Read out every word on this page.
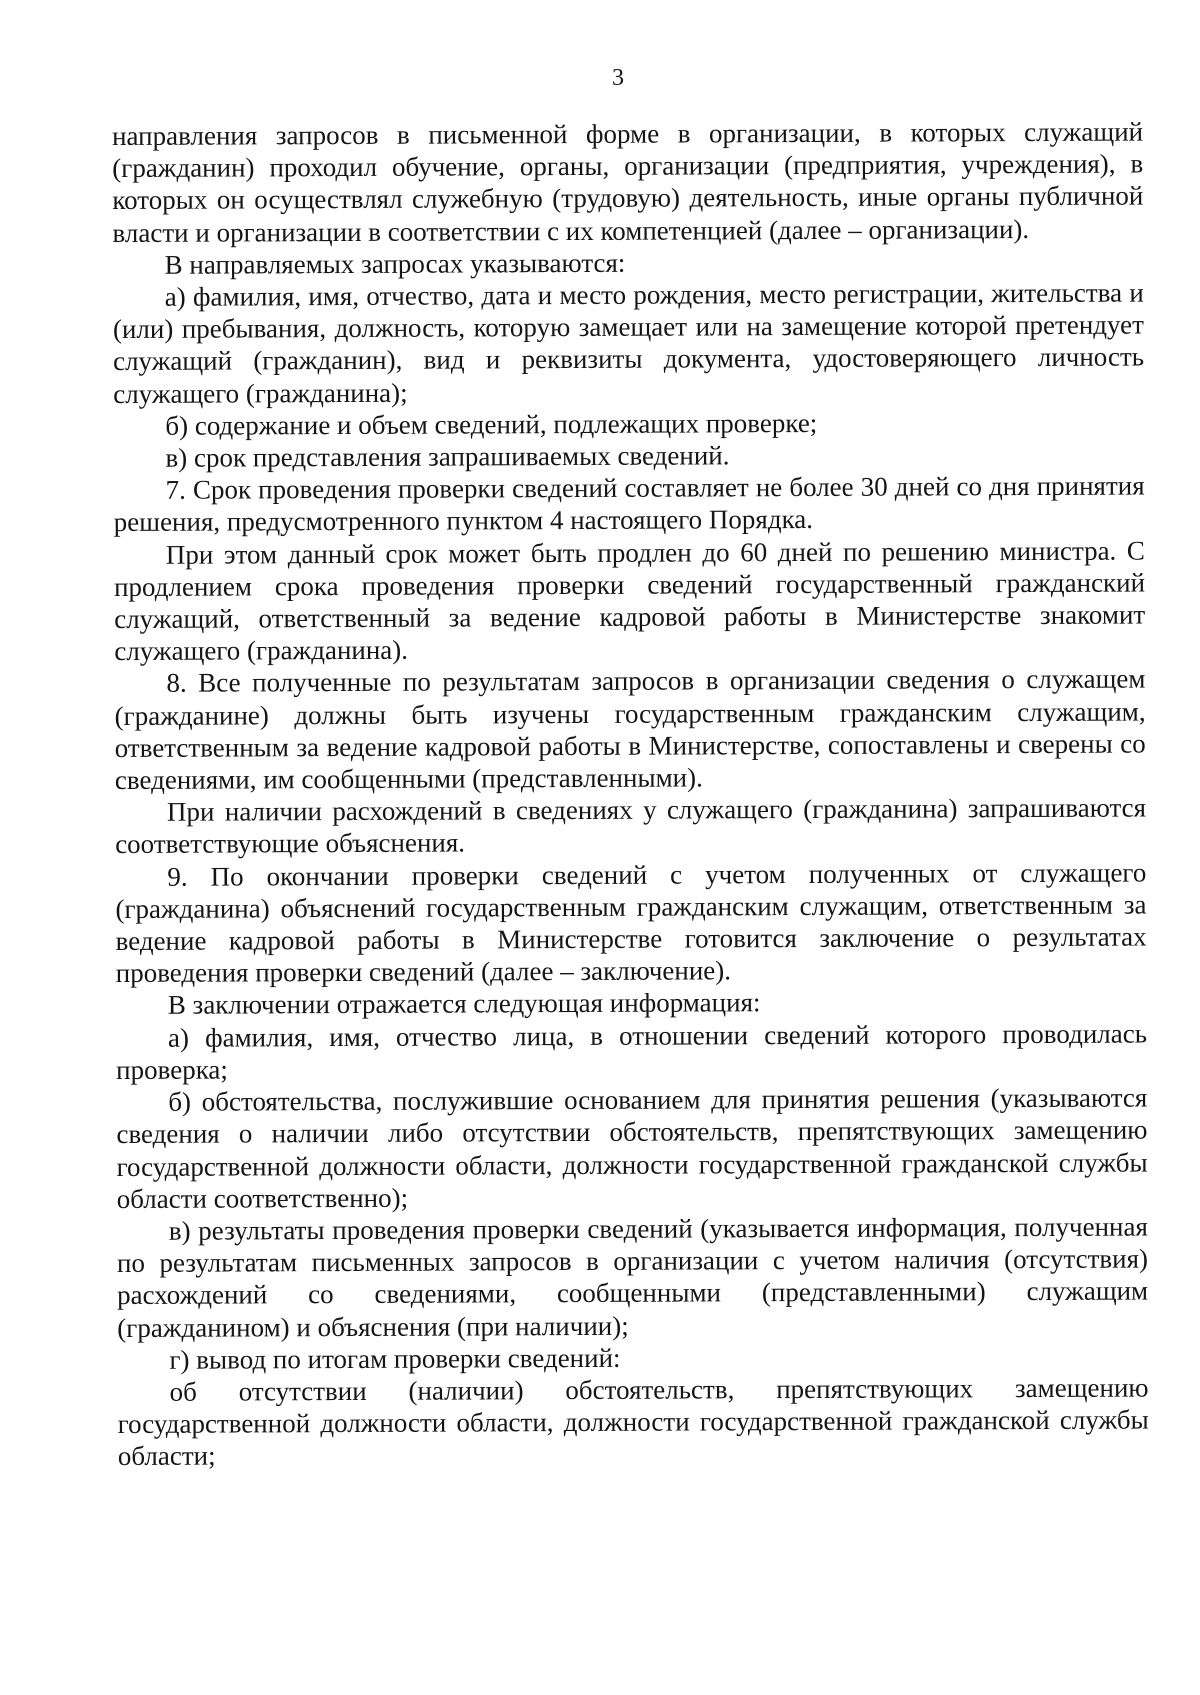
3

направления запросов в письменной форме в организации, в которых служащий (гражданин) проходил обучение, органы, организации (предприятия, учреждения), в которых он осуществлял служебную (трудовую) деятельность, иные органы публичной власти и организации в соответствии с их компетенцией (далее – организации).

В направляемых запросах указываются:

а) фамилия, имя, отчество, дата и место рождения, место регистрации, жительства и (или) пребывания, должность, которую замещает или на замещение которой претендует служащий (гражданин), вид и реквизиты документа, удостоверяющего личность служащего (гражданина);

б) содержание и объем сведений, подлежащих проверке;

в) срок представления запрашиваемых сведений.

7. Срок проведения проверки сведений составляет не более 30 дней со дня принятия решения, предусмотренного пунктом 4 настоящего Порядка.

При этом данный срок может быть продлен до 60 дней по решению министра. С продлением срока проведения проверки сведений государственный гражданский служащий, ответственный за ведение кадровой работы в Министерстве знакомит служащего (гражданина).

8. Все полученные по результатам запросов в организации сведения о служащем (гражданине) должны быть изучены государственным гражданским служащим, ответственным за ведение кадровой работы в Министерстве, сопоставлены и сверены со сведениями, им сообщенными (представленными).

При наличии расхождений в сведениях у служащего (гражданина) запрашиваются соответствующие объяснения.

9. По окончании проверки сведений с учетом полученных от служащего (гражданина) объяснений государственным гражданским служащим, ответственным за ведение кадровой работы в Министерстве готовится заключение о результатах проведения проверки сведений (далее – заключение).

В заключении отражается следующая информация:

а) фамилия, имя, отчество лица, в отношении сведений которого проводилась проверка;

б) обстоятельства, послужившие основанием для принятия решения (указываются сведения о наличии либо отсутствии обстоятельств, препятствующих замещению государственной должности области, должности государственной гражданской службы области соответственно);

в) результаты проведения проверки сведений (указывается информация, полученная по результатам письменных запросов в организации с учетом наличия (отсутствия) расхождений со сведениями, сообщенными (представленными) служащим (гражданином) и объяснения (при наличии);

г) вывод по итогам проверки сведений:

об отсутствии (наличии) обстоятельств, препятствующих замещению государственной должности области, должности государственной гражданской службы области;
